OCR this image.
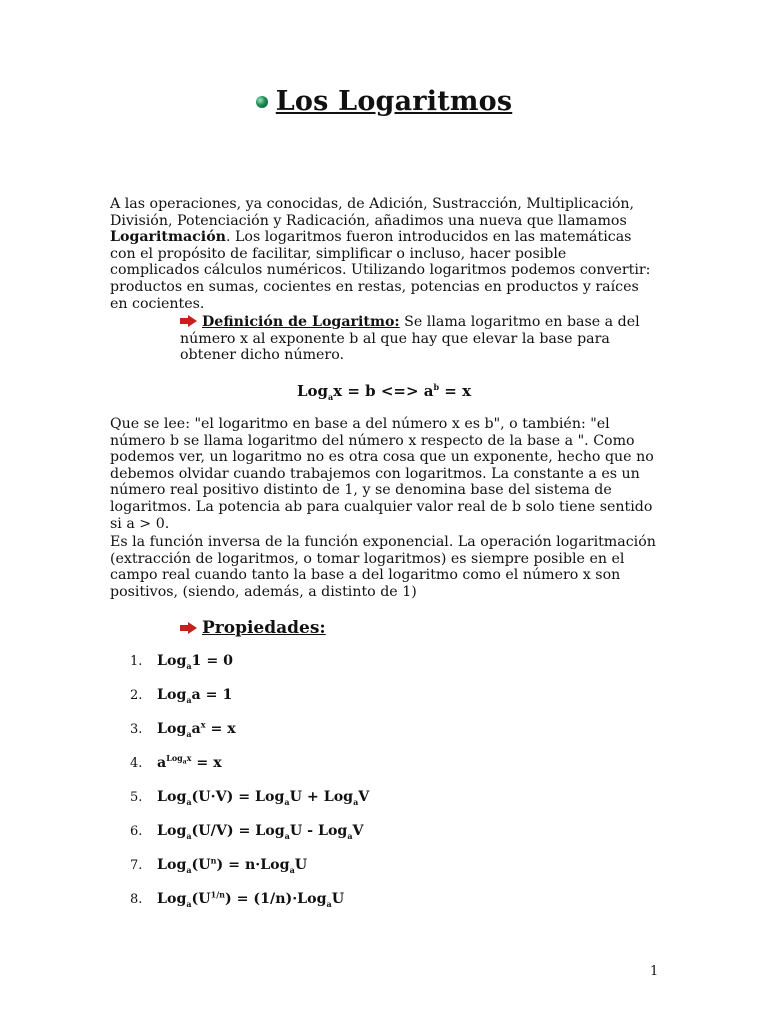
Los Logaritmos
A las operaciones, ya conocidas, de Adición, Sustracción, Multiplicación, División, Potenciación y Radicación, añadimos una nueva que llamamos Logaritmación. Los logaritmos fueron introducidos en las matemáticas con el propósito de facilitar, simplificar o incluso, hacer posible complicados cálculos numéricos. Utilizando logaritmos podemos convertir: productos en sumas, cocientes en restas, potencias en productos y raíces en cocientes.
Definición de Logaritmo: Se llama logaritmo en base a del número x al exponente b al que hay que elevar la base para obtener dicho número.
Log$_a$x = b <=> $a^b = x$
Que se lee: "el logaritmo en base a del número x es b", o también: "el número b se llama logaritmo del número x respecto de la base a ". Como podemos ver, un logaritmo no es otra cosa que un exponente, hecho que no debemos olvidar cuando trabajemos con logaritmos. La constante a es un número real positivo distinto de 1, y se denomina base del sistema de logaritmos. La potencia ab para cualquier valor real de b solo tiene sentido si a > 0.
Es la función inversa de la función exponencial. La operación logaritmación (extracción de logaritmos, o tomar logaritmos) es siempre posible en el campo real cuando tanto la base a del logaritmo como el número x son positivos, (siendo, además, a distinto de 1)
Propiedades:
1. Log$_a$1 = 0
2. Log$_a$a = 1
3. $Log_aa^x = x$
4. $a^{Log_ax} = x$
5. Log$_a$(U·V) = Log$_a$U + Log$_a$V
6. Log$_a$(U/V) = Log$_a$U - Log$_a$V
7. $Log_a(U^n) = n\cdot Log_aU$
8. $Log_a(U^{1/n}) = (1/n)\cdot Log_aU$
1
